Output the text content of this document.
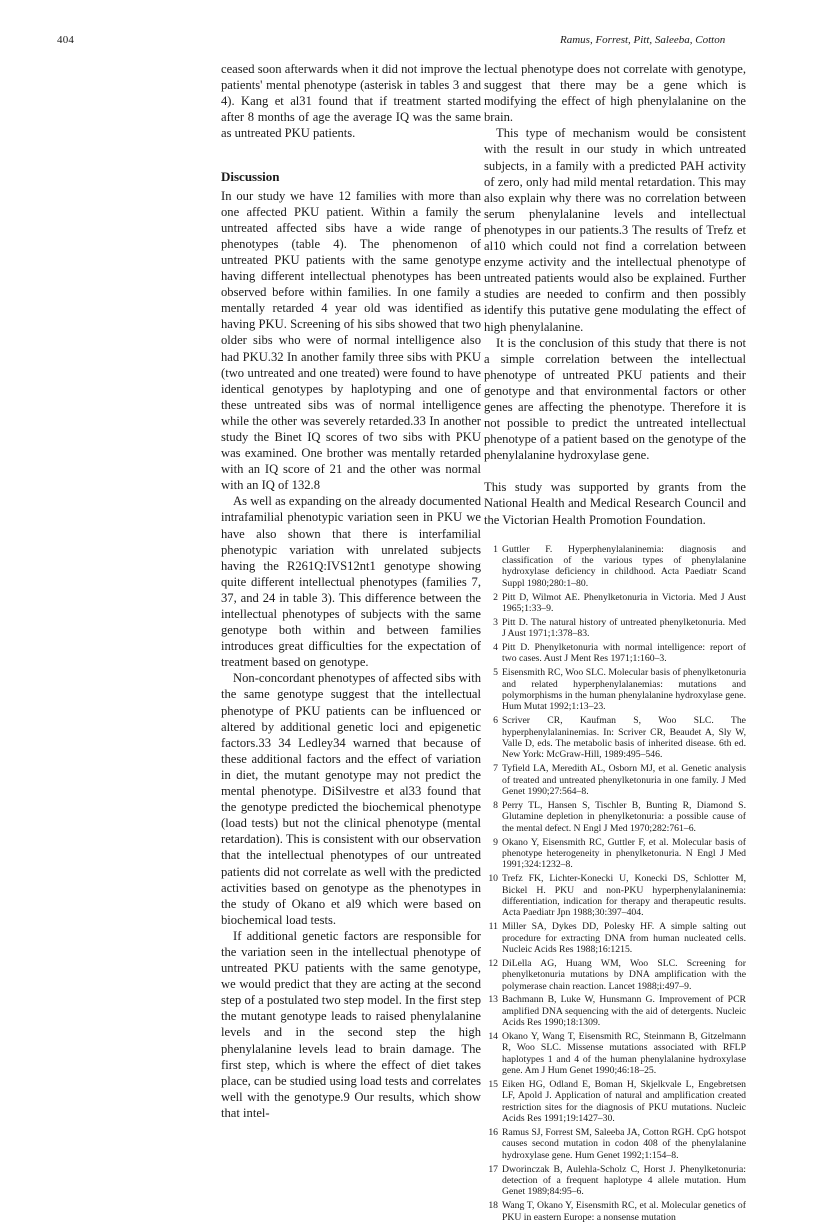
404	Ramus, Forrest, Pitt, Saleeba, Cotton

ceased soon afterwards when it did not improve the patients' mental phenotype (asterisk in tables 3 and 4). Kang et al31 found that if treatment started after 8 months of age the average IQ was the same as untreated PKU patients.

Discussion

In our study we have 12 families with more than one affected PKU patient. Within a family the untreated affected sibs have a wide range of phenotypes (table 4). The phenomenon of untreated PKU patients with the same genotype having different intellectual phenotypes has been observed before within families. In one family a mentally retarded 4 year old was identified as having PKU. Screening of his sibs showed that two older sibs who were of normal intelligence also had PKU.32 In another family three sibs with PKU (two untreated and one treated) were found to have identical genotypes by haplotyping and one of these untreated sibs was of normal intelligence while the other was severely retarded.33 In another study the Binet IQ scores of two sibs with PKU was examined. One brother was mentally retarded with an IQ score of 21 and the other was normal with an IQ of 132.8

As well as expanding on the already documented intrafamilial phenotypic variation seen in PKU we have also shown that there is interfamilial phenotypic variation with unrelated subjects having the R261Q:IVS12nt1 genotype showing quite different intellectual phenotypes (families 7, 37, and 24 in table 3). This difference between the intellectual phenotypes of subjects with the same genotype both within and between families introduces great difficulties for the expectation of treatment based on genotype.

Non-concordant phenotypes of affected sibs with the same genotype suggest that the intellectual phenotype of PKU patients can be influenced or altered by additional genetic loci and epigenetic factors.33 34 Ledley34 warned that because of these additional factors and the effect of variation in diet, the mutant genotype may not predict the mental phenotype. DiSilvestre et al33 found that the genotype predicted the biochemical phenotype (load tests) but not the clinical phenotype (mental retardation). This is consistent with our observation that the intellectual phenotypes of our untreated patients did not correlate as well with the predicted activities based on genotype as the phenotypes in the study of Okano et al9 which were based on biochemical load tests.

If additional genetic factors are responsible for the variation seen in the intellectual phenotype of untreated PKU patients with the same genotype, we would predict that they are acting at the second step of a postulated two step model. In the first step the mutant genotype leads to raised phenylalanine levels and in the second step the high phenylalanine levels lead to brain damage. The first step, which is where the effect of diet takes place, can be studied using load tests and correlates well with the genotype.9 Our results, which show that intel-

lectual phenotype does not correlate with genotype, suggest that there may be a gene which is modifying the effect of high phenylalanine on the brain.

This type of mechanism would be consistent with the result in our study in which untreated subjects, in a family with a predicted PAH activity of zero, only had mild mental retardation. This may also explain why there was no correlation between serum phenylalanine levels and intellectual phenotypes in our patients.3 The results of Trefz et al10 which could not find a correlation between enzyme activity and the intellectual phenotype of untreated patients would also be explained. Further studies are needed to confirm and then possibly identify this putative gene modulating the effect of high phenylalanine.

It is the conclusion of this study that there is not a simple correlation between the intellectual phenotype of untreated PKU patients and their genotype and that environmental factors or other genes are affecting the phenotype. Therefore it is not possible to predict the untreated intellectual phenotype of a patient based on the genotype of the phenylalanine hydroxylase gene.

This study was supported by grants from the National Health and Medical Research Council and the Victorian Health Promotion Foundation.

1 Guttler F. Hyperphenylalaninemia: diagnosis and classification of the various types of phenylalanine hydroxylase deficiency in childhood. Acta Paediatr Scand Suppl 1980;280:1–80.
2 Pitt D, Wilmot AE. Phenylketonuria in Victoria. Med J Aust 1965;1:33–9.
3 Pitt D. The natural history of untreated phenylketonuria. Med J Aust 1971;1:378–83.
4 Pitt D. Phenylketonuria with normal intelligence: report of two cases. Aust J Ment Res 1971;1:160–3.
5 Eisensmith RC, Woo SLC. Molecular basis of phenylketonuria and related hyperphenylalanemias: mutations and polymorphisms in the human phenylalanine hydroxylase gene. Hum Mutat 1992;1:13–23.
6 Scriver CR, Kaufman S, Woo SLC. The hyperphenylalaninemias. In: Scriver CR, Beaudet A, Sly W, Valle D, eds. The metabolic basis of inherited disease. 6th ed. New York: McGraw-Hill, 1989:495–546.
7 Tyfield LA, Meredith AL, Osborn MJ, et al. Genetic analysis of treated and untreated phenylketonuria in one family. J Med Genet 1990;27:564–8.
8 Perry TL, Hansen S, Tischler B, Bunting R, Diamond S. Glutamine depletion in phenylketonuria: a possible cause of the mental defect. N Engl J Med 1970;282:761–6.
9 Okano Y, Eisensmith RC, Guttler F, et al. Molecular basis of phenotype heterogeneity in phenylketonuria. N Engl J Med 1991;324:1232–8.
10 Trefz FK, Lichter-Konecki U, Konecki DS, Schlotter M, Bickel H. PKU and non-PKU hyperphenylalaninemia: differentiation, indication for therapy and therapeutic results. Acta Paediatr Jpn 1988;30:397–404.
11 Miller SA, Dykes DD, Polesky HF. A simple salting out procedure for extracting DNA from human nucleated cells. Nucleic Acids Res 1988;16:1215.
12 DiLella AG, Huang WM, Woo SLC. Screening for phenylketonuria mutations by DNA amplification with the polymerase chain reaction. Lancet 1988;i:497–9.
13 Bachmann B, Luke W, Hunsmann G. Improvement of PCR amplified DNA sequencing with the aid of detergents. Nucleic Acids Res 1990;18:1309.
14 Okano Y, Wang T, Eisensmith RC, Steinmann B, Gitzelmann R, Woo SLC. Missense mutations associated with RFLP haplotypes 1 and 4 of the human phenylalanine hydroxylase gene. Am J Hum Genet 1990;46:18–25.
15 Eiken HG, Odland E, Boman H, Skjelkvale L, Engebretsen LF, Apold J. Application of natural and amplification created restriction sites for the diagnosis of PKU mutations. Nucleic Acids Res 1991;19:1427–30.
16 Ramus SJ, Forrest SM, Saleeba JA, Cotton RGH. CpG hotspot causes second mutation in codon 408 of the phenylalanine hydroxylase gene. Hum Genet 1992;1:154–8.
17 Dworinczak B, Aulehla-Scholz C, Horst J. Phenylketonuria: detection of a frequent haplotype 4 allele mutation. Hum Genet 1989;84:95–6.
18 Wang T, Okano Y, Eisensmith RC, et al. Molecular genetics of PKU in eastern Europe: a nonsense mutation
